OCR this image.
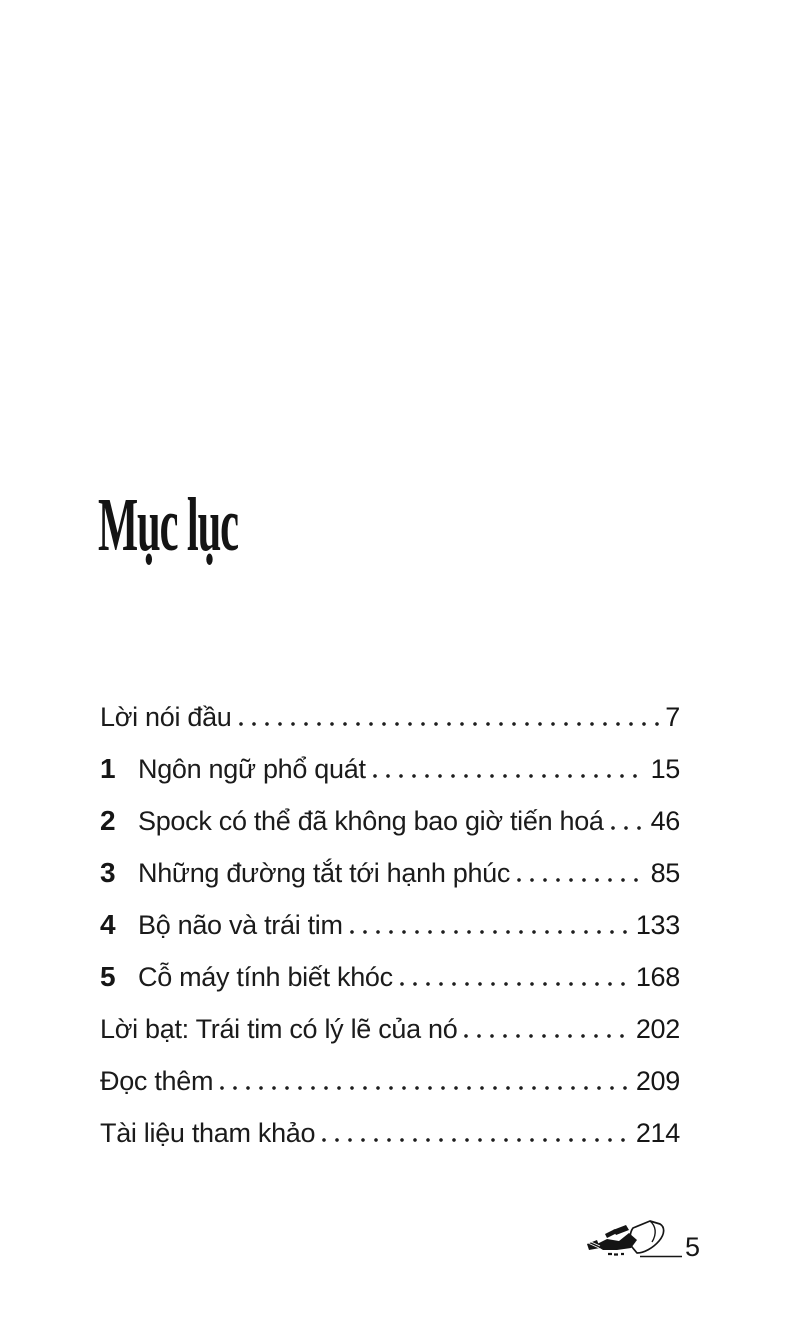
Mục lục
Lời nói đầu	7
1 Ngôn ngữ phổ quát	15
2 Spock có thể đã không bao giờ tiến hoá 46
3 Những đường tắt tới hạnh phúc	85
4 Bộ não và trái tim	133
5 Cỗ máy tính biết khóc	168
Lời bạt: Trái tim có lý lẽ của nó	202
Đọc thêm	209
Tài liệu tham khảo	214
5
